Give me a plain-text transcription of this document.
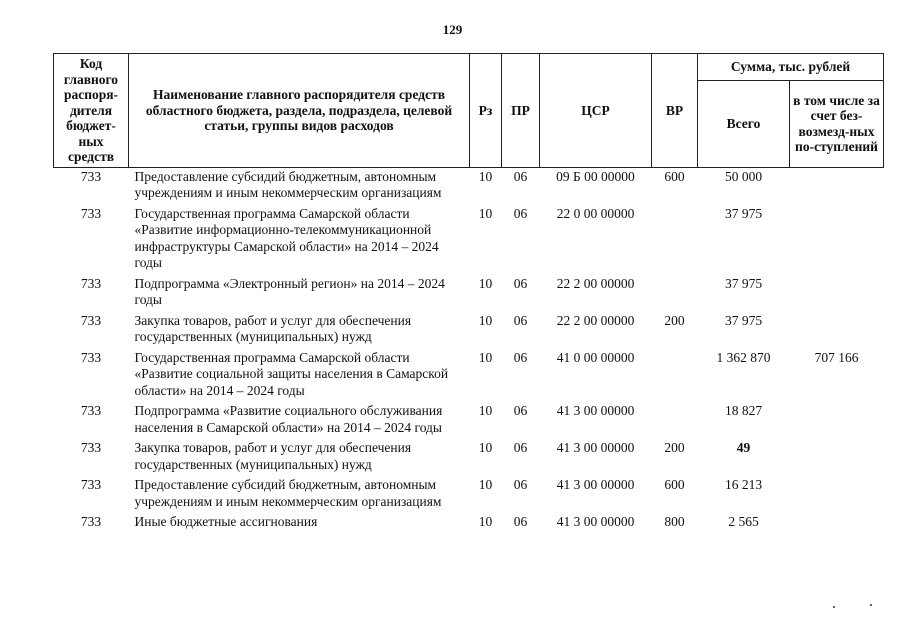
129
Код главного распоря-дителя бюджет-ных средств	Наименование главного распорядителя средств областного бюджета, раздела, подраздела, целевой статьи, группы видов расходов	Рз	ПР	ЦСР	ВР	Сумма, тыс. рублей	
						Всего	в том числе за счет без-возмезд-ных по-ступлений
733	Предоставление субсидий бюджетным, автономным учреждениям и иным некоммерческим организациям	10	06	09 Б 00 00000	600	50 000	
733	Государственная программа Самарской области «Развитие информационно-телекоммуникационной инфраструктуры Самарской области» на 2014 – 2024 годы	10	06	22 0 00 00000		37 975	
733	Подпрограмма «Электронный регион» на 2014 – 2024 годы	10	06	22 2 00 00000		37 975	
733	Закупка товаров, работ и услуг для обеспечения государственных (муниципальных) нужд	10	06	22 2 00 00000	200	37 975	
733	Государственная программа Самарской области «Развитие социальной защиты населения в Самарской области» на 2014 – 2024 годы	10	06	41 0 00 00000		1 362 870	707 166
733	Подпрограмма «Развитие социального обслуживания населения в Самарской области» на 2014 – 2024 годы	10	06	41 3 00 00000		18 827	
733	Закупка товаров, работ и услуг для обеспечения государственных (муниципальных) нужд	10	06	41 3 00 00000	200	49	
733	Предоставление субсидий бюджетным, автономным учреждениям и иным некоммерческим организациям	10	06	41 3 00 00000	600	16 213	
733	Иные бюджетные ассигнования	10	06	41 3 00 00000	800	2 565	
